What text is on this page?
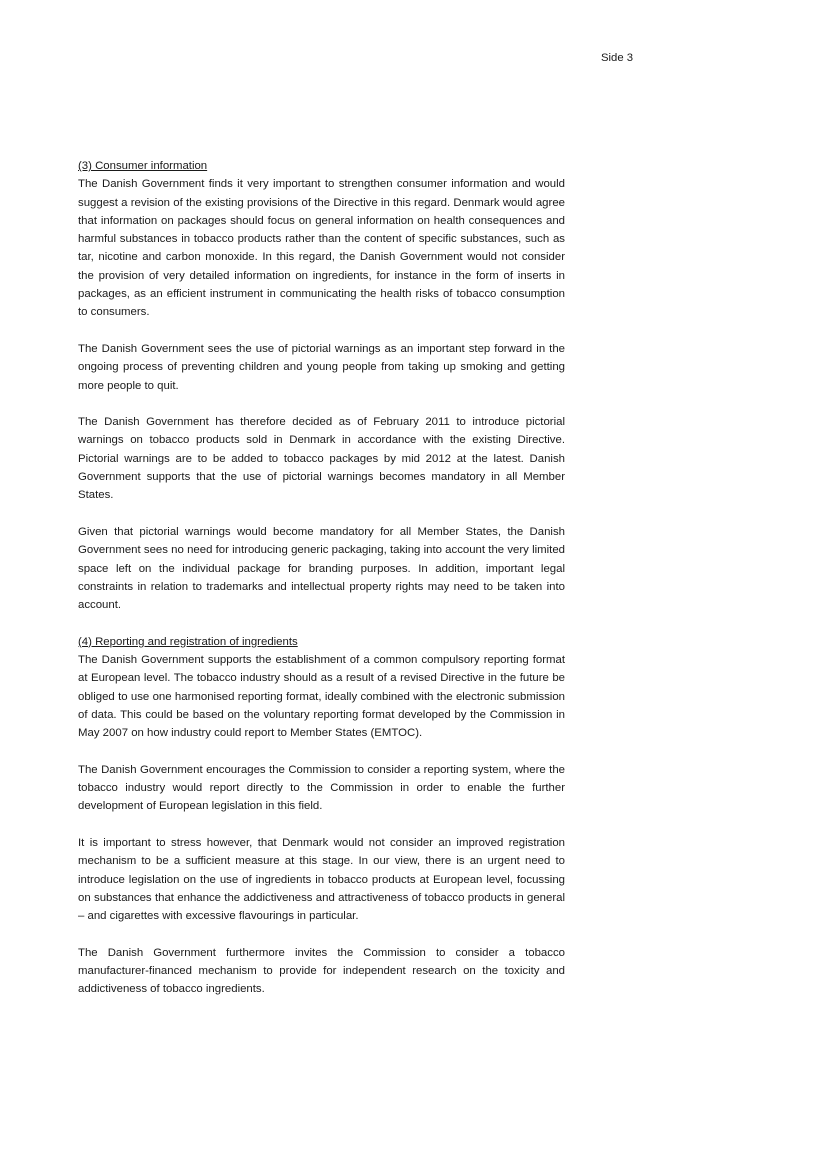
Side 3
(3) Consumer information
The Danish Government finds it very important to strengthen consumer information and would suggest a revision of the existing provisions of the Directive in this regard. Denmark would agree that information on packages should focus on general information on health consequences and harmful substances in tobacco products rather than the content of specific substances, such as tar, nicotine and carbon monoxide. In this regard, the Danish Government would not consider the provision of very detailed information on ingredients, for instance in the form of inserts in packages, as an efficient instrument in communicating the health risks of tobacco consumption to consumers.
The Danish Government sees the use of pictorial warnings as an important step forward in the ongoing process of preventing children and young people from taking up smoking and getting more people to quit.
The Danish Government has therefore decided as of February 2011 to introduce pictorial warnings on tobacco products sold in Denmark in accordance with the existing Directive. Pictorial warnings are to be added to tobacco packages by mid 2012 at the latest. Danish Government supports that the use of pictorial warnings becomes mandatory in all Member States.
Given that pictorial warnings would become mandatory for all Member States, the Danish Government sees no need for introducing generic packaging, taking into account the very limited space left on the individual package for branding purposes. In addition, important legal constraints in relation to trademarks and intellectual property rights may need to be taken into account.
(4) Reporting and registration of ingredients
The Danish Government supports the establishment of a common compulsory reporting format at European level. The tobacco industry should as a result of a revised Directive in the future be obliged to use one harmonised reporting format, ideally combined with the electronic submission of data. This could be based on the voluntary reporting format developed by the Commission in May 2007 on how industry could report to Member States (EMTOC).
The Danish Government encourages the Commission to consider a reporting system, where the tobacco industry would report directly to the Commission in order to enable the further development of European legislation in this field.
It is important to stress however, that Denmark would not consider an improved registration mechanism to be a sufficient measure at this stage. In our view, there is an urgent need to introduce legislation on the use of ingredients in tobacco products at European level, focussing on substances that enhance the addictiveness and attractiveness of tobacco products in general – and cigarettes with excessive flavourings in particular.
The Danish Government furthermore invites the Commission to consider a tobacco manufacturer-financed mechanism to provide for independent research on the toxicity and addictiveness of tobacco ingredients.
